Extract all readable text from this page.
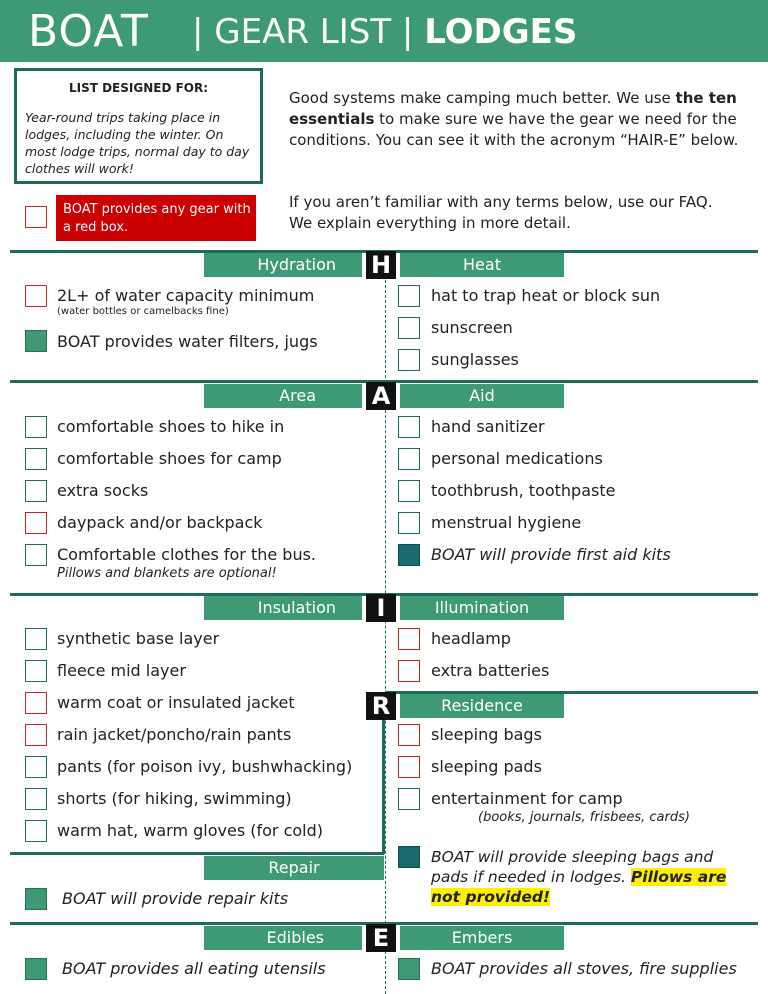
BOAT | GEAR LIST | LODGES
LIST DESIGNED FOR:
Year-round trips taking place in lodges, including the winter. On most lodge trips, normal day to day clothes will work!
Good systems make camping much better. We use the ten essentials to make sure we have the gear we need for the conditions. You can see it with the acronym “HAIR-E” below.
If you aren’t familiar with any terms below, use our FAQ. We explain everything in more detail.
BOAT provides any gear with a red box.
Hydration	H	Heat
2L+ of water capacity minimum
(water bottles or camelbacks fine)
BOAT provides water filters, jugs
hat to trap heat or block sun
sunscreen
sunglasses
Area	A	Aid
comfortable shoes to hike in
comfortable shoes for camp
extra socks
daypack and/or backpack
Comfortable clothes for the bus.
Pillows and blankets are optional!
hand sanitizer
personal medications
toothbrush, toothpaste
menstrual hygiene
BOAT will provide first aid kits
Insulation	I	Illumination
synthetic base layer
fleece mid layer
warm coat or insulated jacket
rain jacket/poncho/rain pants
pants (for poison ivy, bushwhacking)
shorts (for hiking, swimming)
warm hat, warm gloves (for cold)
headlamp
extra batteries
R	Residence
sleeping bags
sleeping pads
entertainment for camp
(books, journals, frisbees, cards)
BOAT will provide sleeping bags and
pads if needed in lodges. Pillows are
not provided!
Repair
BOAT will provide repair kits
Edibles	E	Embers
BOAT provides all eating utensils	BOAT provides all stoves, fire supplies
